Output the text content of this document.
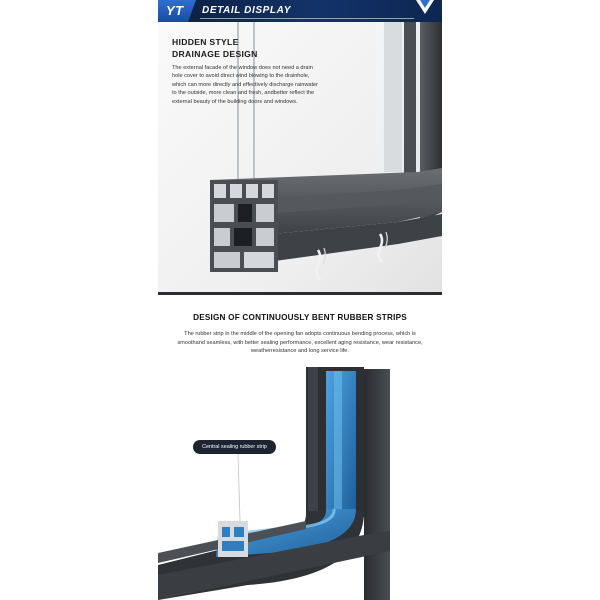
YT DETAIL DISPLAY
HIDDEN STYLE
DRAINAGE DESIGN

The external facade of the window does not need a drain hole cover to avoid direct wind blowing to the drainhole, which can more directly and effectively discharge rainwater to the outside, more clean and fresh, andbetter reflect the external beauty of the building doors and windows.

DESIGN OF CONTINUOUSLY BENT RUBBER STRIPS

The rubber strip in the middle of the opening fan adopts continuous bending process, which is smoothand seamless, with better sealing performance, excellent aging resistance, wear resistance, weatherresistance and long service life.

Central sealing rubber strip
